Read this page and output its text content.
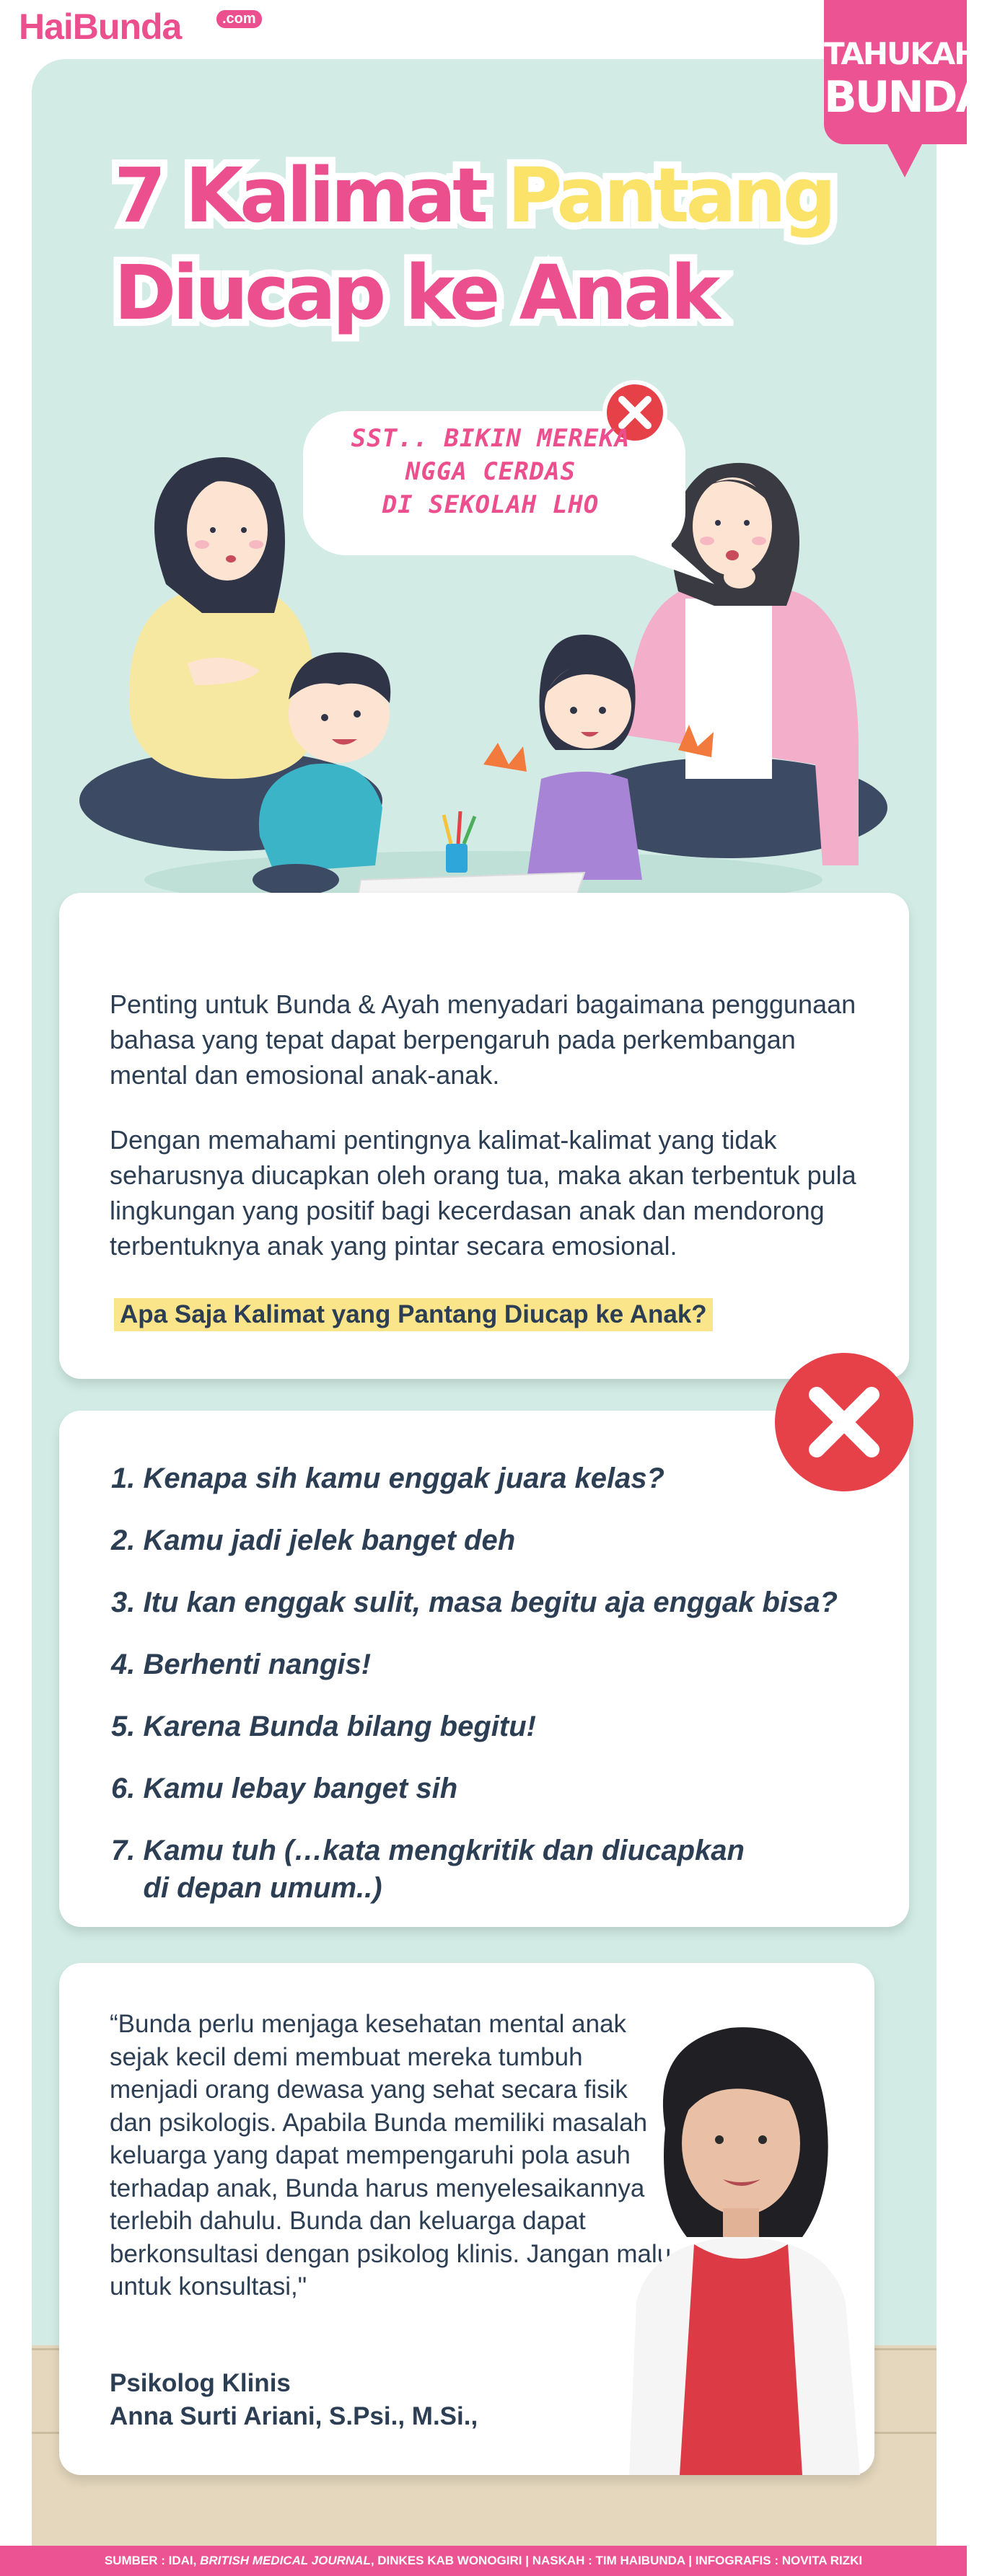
HaiBunda	.com
TAHUKAH
BUNDA
7 Kalimat Pantang
Diucap ke Anak
SST.. BIKIN MEREKA
NGGA CERDAS
DI SEKOLAH LHO

Penting untuk Bunda & Ayah menyadari bagaimana penggunaan bahasa yang tepat dapat berpengaruh pada perkembangan mental dan emosional anak-anak.

Dengan memahami pentingnya kalimat-kalimat yang tidak seharusnya diucapkan oleh orang tua, maka akan terbentuk pula lingkungan yang positif bagi kecerdasan anak dan mendorong terbentuknya anak yang pintar secara emosional.

Apa Saja Kalimat yang Pantang Diucap ke Anak?
1. Kenapa sih kamu enggak juara kelas?
2. Kamu jadi jelek banget deh
3. Itu kan enggak sulit, masa begitu aja enggak bisa?
4. Berhenti nangis!
5. Karena Bunda bilang begitu!
6. Kamu lebay banget sih
7. Kamu tuh (…kata mengkritik dan diucapkan
di depan umum..)

“Bunda perlu menjaga kesehatan mental anak sejak kecil demi membuat mereka tumbuh menjadi orang dewasa yang sehat secara fisik dan psikologis. Apabila Bunda memiliki masalah keluarga yang dapat mempengaruhi pola asuh terhadap anak, Bunda harus menyelesaikannya terlebih dahulu. Bunda dan keluarga dapat berkonsultasi dengan psikolog klinis. Jangan malu untuk konsultasi,"

Psikolog Klinis
Anna Surti Ariani, S.Psi., M.Si.,
SUMBER : IDAI, BRITISH MEDICAL JOURNAL, DINKES KAB WONOGIRI | NASKAH : TIM HAIBUNDA | INFOGRAFIS : NOVITA RIZKI
